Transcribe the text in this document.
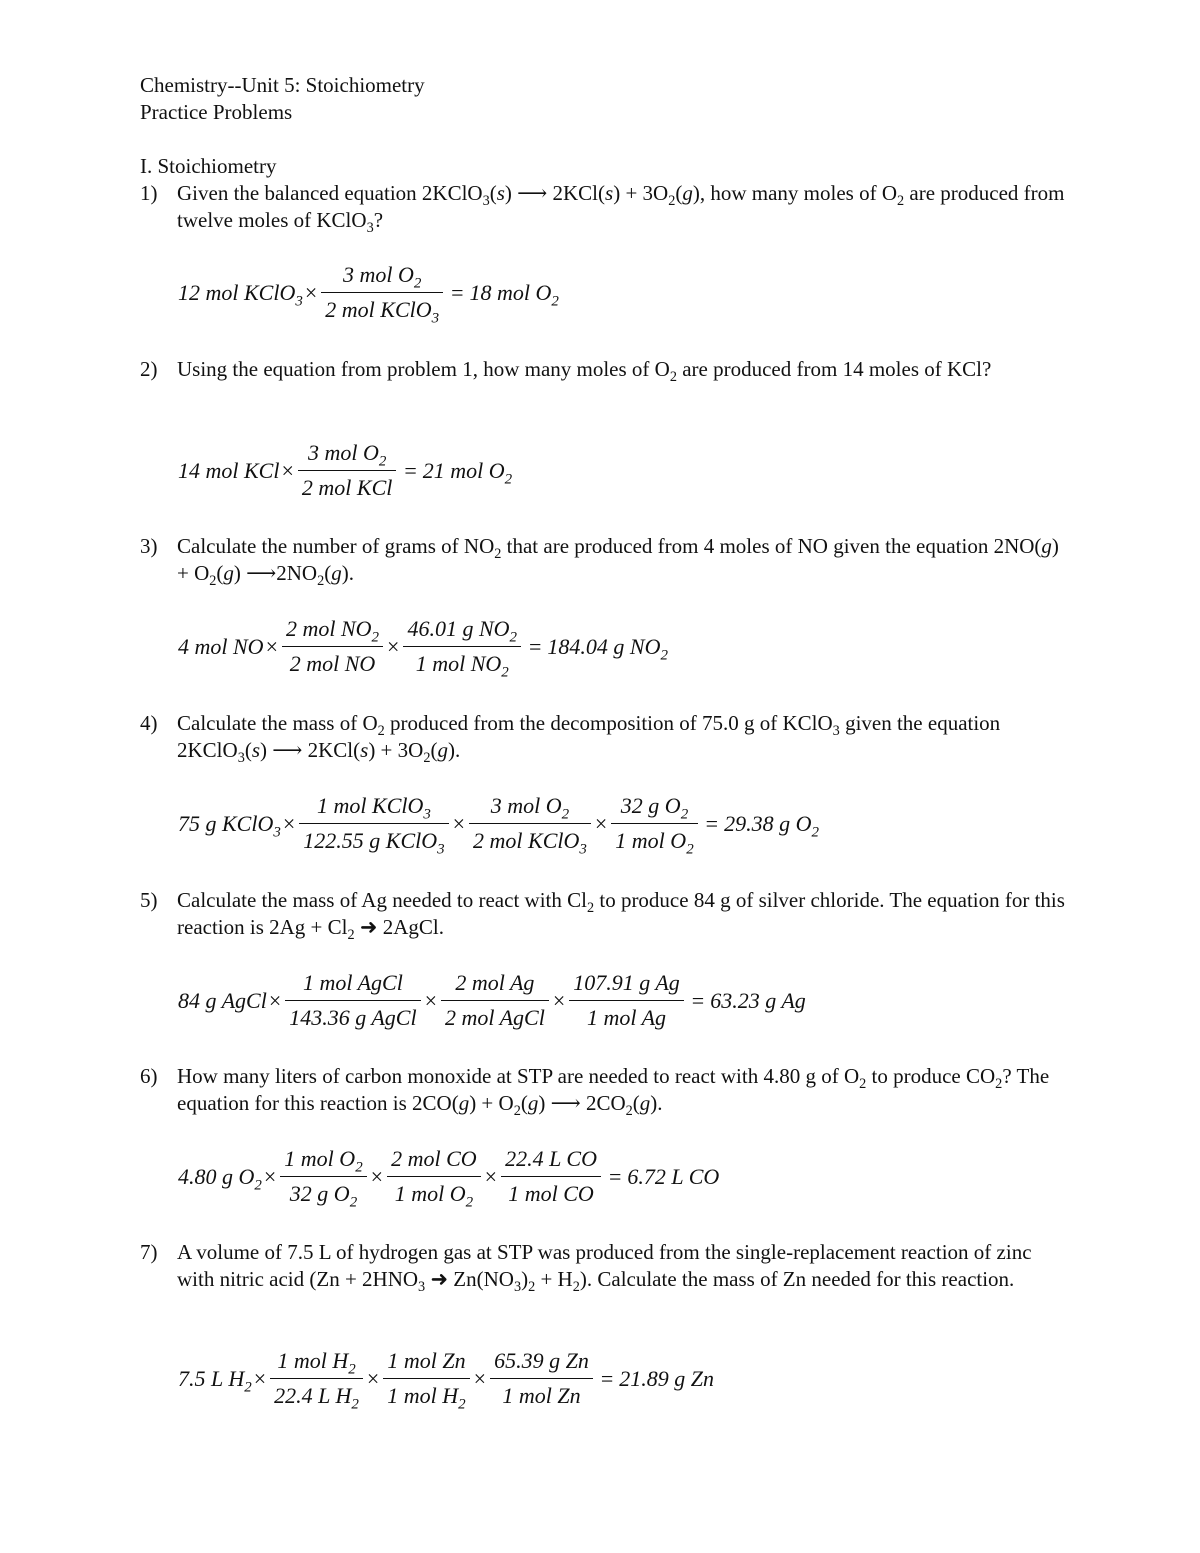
Chemistry--Unit 5: Stoichiometry
Practice Problems
I. Stoichiometry
1) Given the balanced equation 2KClO$_3$(s) ⟶ $2KCl(s) + 3O_2(g)$, how many moles of $O_2$ are produced from twelve moles of KClO$_3$?
12 mol KClO$_3$ × $\frac{3 mol O_2}{2 mol KClO_3} = 18$ mol $O_2$
2) Using the equation from problem 1, how many moles of $O_2$ are produced from 14 moles of KCl?
14 mol KCl × $\frac{3 mol O_2}{\text{2 mol KCl}} = 21$ mol $O_2$
3) Calculate the number of grams of $NO_2$ that are produced from 4 moles of NO given the equation $2NO(g) + O_2(g)$ $⟶2NO_2(g)$.
4 mol NO × $\frac{2 mol NO_2}{\text{2 mol NO}} \times \frac{46.01 g NO_2}{1 mol NO_2} = 184.04$ g $NO_2$
4) Calculate the mass of $O_2$ produced from the decomposition of 75.0 g of KClO$_3$ given the equation 2KClO$_3$(s) ⟶ $2KCl(s) + 3O_2(g)$.
75 g KClO$_3$ × $\frac{1 mol KClO_3}{122.55 g KClO_3} \times \frac{3 mol O_2}{2 mol KClO_3} \times \frac{32 g O_2}{1 mol O_2} = 29.38$ g $O_2$
5) Calculate the mass of Ag needed to react with $Cl_2$ to produce 84 g of silver chloride. The equation for this reaction is $2Ag + Cl_2$ ➜ 2AgCl.
84 g AgCl × $\frac{\text{1 mol AgCl}}{\text{143.36 g AgCl}} \times \frac{\text{2 mol Ag}}{\text{2 mol AgCl}} \times \frac{\text{107.91 g Ag}}{\text{1 mol Ag}} = 63.23$ g Ag
6) How many liters of carbon monoxide at STP are needed to react with 4.80 g of $O_2$ to produce $CO_2$? The equation for this reaction is $2CO(g) + O_2(g)$ ⟶ $2CO_2(g)$.
4.80 g $O_2 \times \frac{1 mol O_2}{32 g O_2} \times \frac{\text{2 mol CO}}{1 mol O_2} \times \frac{\text{22.4 L CO}}{\text{1 mol CO}} = 6.72$ L CO
7) A volume of 7.5 L of hydrogen gas at STP was produced from the single-replacement reaction of zinc with nitric acid ($Zn + 2HNO_3$ ➜ $Zn(NO_3)_2 + H_2$). Calculate the mass of Zn needed for this reaction.
7.5 L $H_2 \times \frac{1 mol H_2}{22.4 L H_2} \times \frac{\text{1 mol Zn}}{1 mol H_2} \times \frac{\text{65.39 g Zn}}{\text{1 mol Zn}} = 21.89$ g Zn
